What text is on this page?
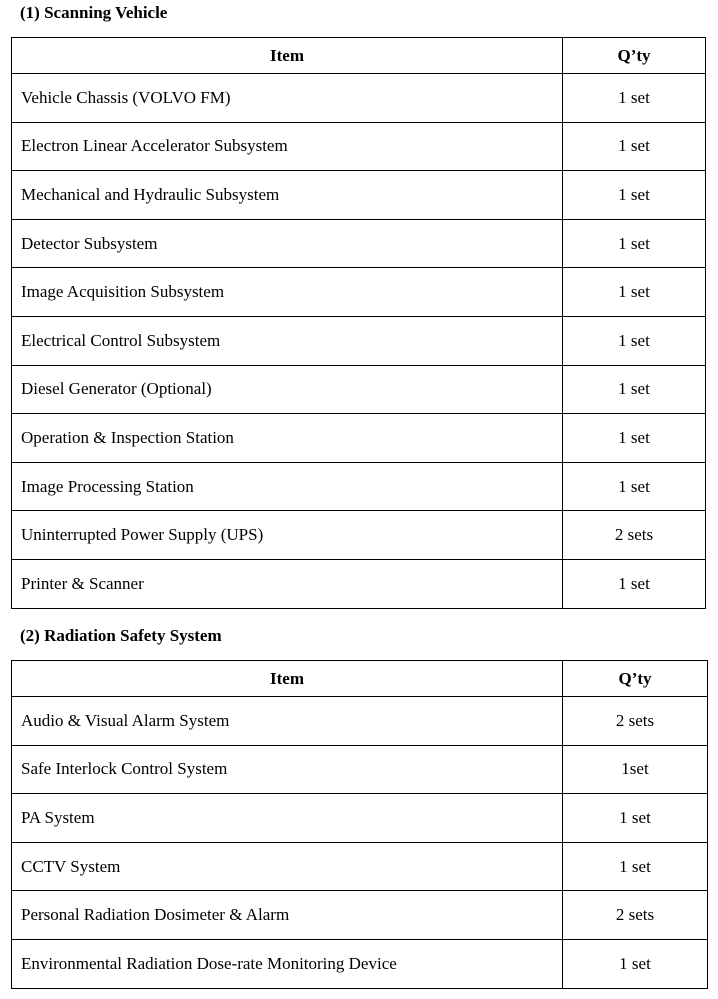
(1) Scanning Vehicle
Item	Q’ty
Vehicle Chassis (VOLVO FM)	1 set
Electron Linear Accelerator Subsystem	1 set
Mechanical and Hydraulic Subsystem	1 set
Detector Subsystem	1 set
Image Acquisition Subsystem	1 set
Electrical Control Subsystem	1 set
Diesel Generator (Optional)	1 set
Operation & Inspection Station	1 set
Image Processing Station	1 set
Uninterrupted Power Supply (UPS)	2 sets
Printer & Scanner	1 set
(2) Radiation Safety System
Item	Q’ty
Audio & Visual Alarm System	2 sets
Safe Interlock Control System	1set
PA System	1 set
CCTV System	1 set
Personal Radiation Dosimeter & Alarm	2 sets
Environmental Radiation Dose-rate Monitoring Device	1 set
